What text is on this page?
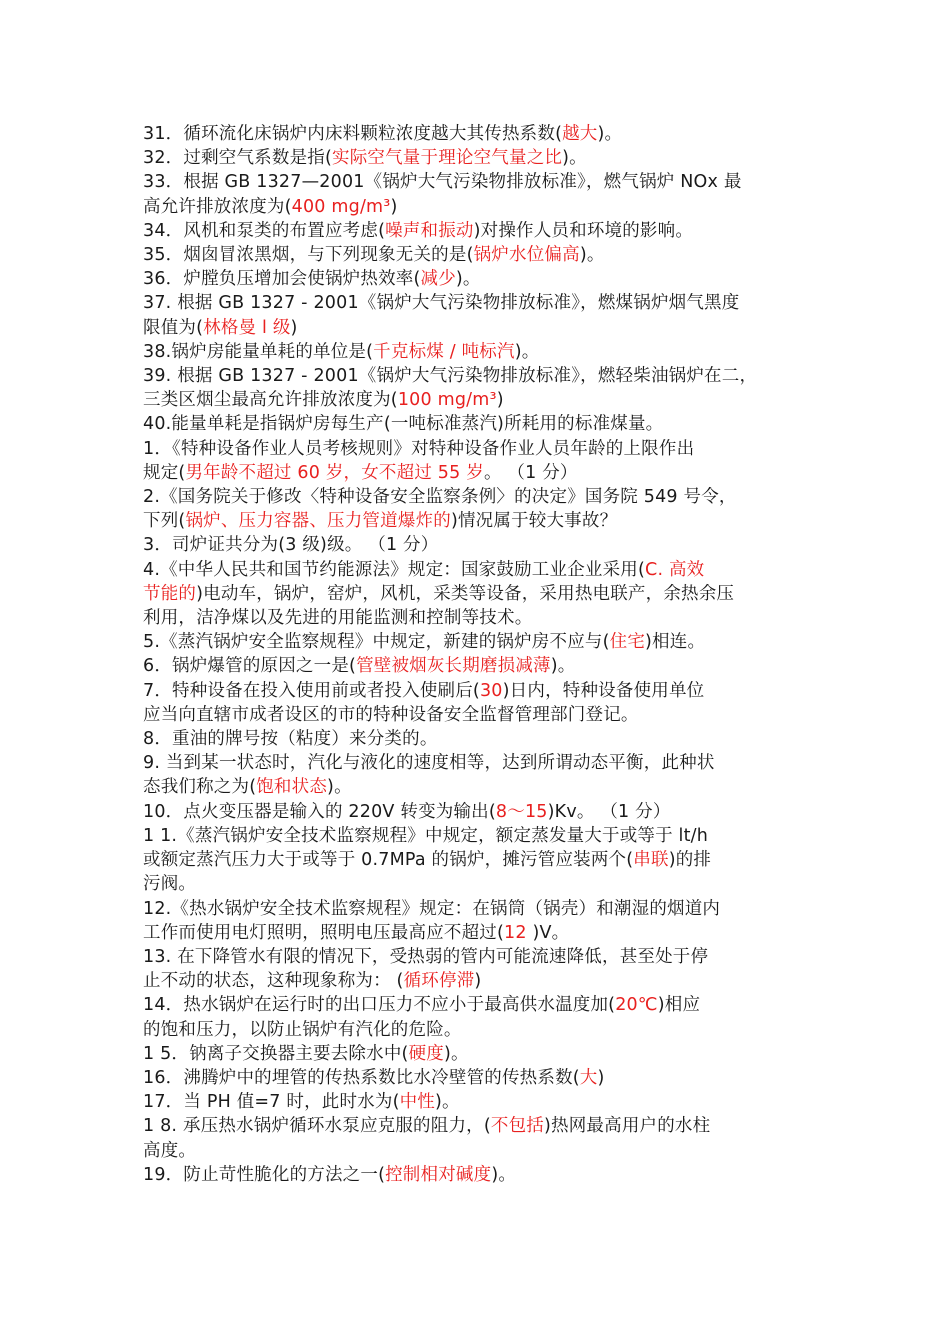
31．循环流化床锅炉内床料颗粒浓度越大其传热系数(越大)。
32．过剩空气系数是指(实际空气量于理论空气量之比)。
33．根据 GB 1327—2001《锅炉大气污染物排放标准》，燃气锅炉 NOx 最
高允许排放浓度为(400 mg/m³)
34．风机和泵类的布置应考虑(噪声和振动)对操作人员和环境的影响。
35．烟囱冒浓黑烟，与下列现象无关的是(锅炉水位偏高)。
36．炉膛负压增加会使锅炉热效率(减少)。
37. 根据 GB 1327 - 2001《锅炉大气污染物排放标准》，燃煤锅炉烟气黑度
限值为(林格曼 l 级)
38.锅炉房能量单耗的单位是(千克标煤 / 吨标汽)。
39. 根据 GB 1327 - 2001《锅炉大气污染物排放标准》，燃轻柴油锅炉在二，
三类区烟尘最高允许排放浓度为(100 mg/m³)
40.能量单耗是指锅炉房每生产(一吨标准蒸汽)所耗用的标准煤量。
1．《特种设备作业人员考核规则》对特种设备作业人员年龄的上限作出
规定(男年龄不超过 60 岁，女不超过 55 岁。 （1 分）
2.《国务院关于修改〈特种设备安全监察条例〉的决定》国务院 549 号令，
下列(锅炉、压力容器、压力管道爆炸的)情况属于较大事故？
3．司炉证共分为(3 级)级。 （1 分）
4.《中华人民共和国节约能源法》规定：国家鼓励工业企业采用(C. 高效
节能的)电动车，锅炉，窑炉，风机，采类等设备，采用热电联产，余热余压
利用，洁净煤以及先进的用能监测和控制等技术。
5.《蒸汽锅炉安全监察规程》中规定，新建的锅炉房不应与(住宅)相连。
6．锅炉爆管的原因之一是(管壁被烟灰长期磨损减薄)。
7．特种设备在投入使用前或者投入使刷后(30)日内，特种设备使用单位
应当向直辖市成者设区的市的特种设备安全监督管理部门登记。
8．重油的牌号按（粘度）来分类的。
9. 当到某一状态时，汽化与液化的速度相等，达到所谓动态平衡，此种状
态我们称之为(饱和状态)。
10．点火变压器是输入的 220V 转变为输出(8～15)Kv。 （1 分）
1 1.《蒸汽锅炉安全技术监察规程》中规定，额定蒸发量大于或等于 lt/h
或额定蒸汽压力大于或等于 0.7MPa 的锅炉，摊污管应装两个(串联)的排
污阀。
12.《热水锅炉安全技术监察规程》规定：在锅筒（锅壳）和潮湿的烟道内
工作而使用电灯照明，照明电压最高应不超过(12 )V。
13. 在下降管水有限的情况下，受热弱的管内可能流速降低，甚至处于停
止不动的状态，这种现象称为： (循环停滞)
14．热水锅炉在运行时的出口压力不应小于最高供水温度加(20℃)相应
的饱和压力，以防止锅炉有汽化的危险。
1 5．钠离子交换器主要去除水中(硬度)。
16．沸腾炉中的埋管的传热系数比水冷壁管的传热系数(大)
17．当 PH 值=7 时，此时水为(中性)。
1 8. 承压热水锅炉循环水泵应克服的阻力，(不包括)热网最高用户的水柱
高度。
19．防止苛性脆化的方法之一(控制相对碱度)。
